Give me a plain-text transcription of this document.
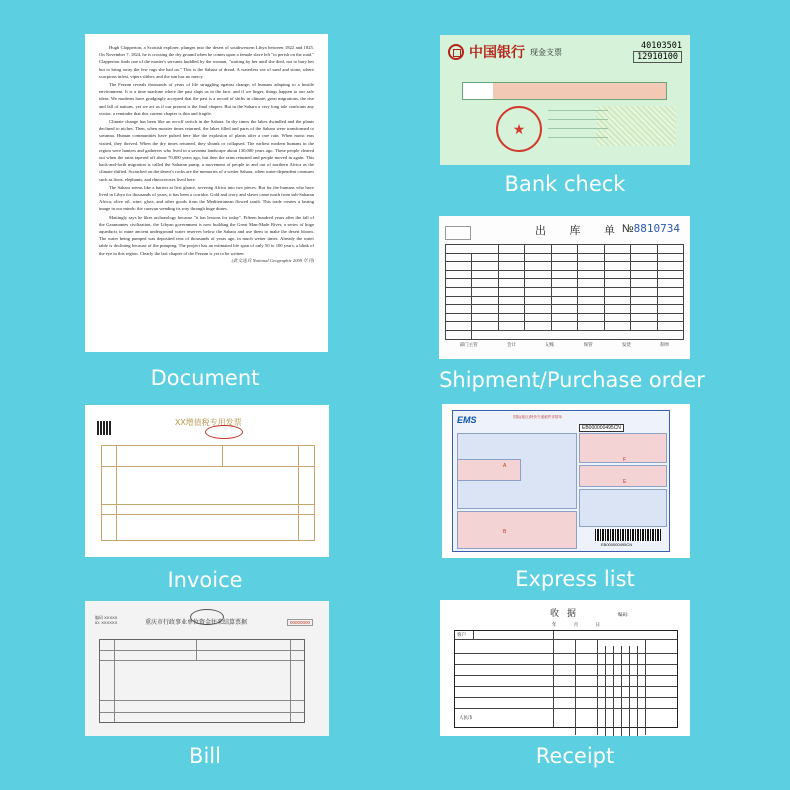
Hugh Clapperton, a Scottish explorer, plunges into the desert of southwestern Libya between 1822 and 1825. On November 7, 1824, he is crossing the dry ground when he comes upon a female slave left "to perish on the road." Clapperton finds one of the master's servants huddled by the woman, "waiting by her until she died, not to bury her but to bring away the few rags she had on." This is the Sahara of dread. A waterless sea of sand and stone, where scorpions infest, vipers slither, and the sun has no mercy.

The Fezzan reveals thousands of years of life struggling against change, of humans adapting to a hostile environment. It is a time machine where the past slaps us in the face, and if we linger, things happen to our safe ideas. We moderns have grudgingly accepted that the past is a record of shifts in climate, great migrations, the rise and fall of nations, yet we act as if our present is the final chapter. But in the Sahara a very long tale confronts any visitor, a reminder that this current chapter is thin and fragile.

Climate change has been like an on-off switch in the Sahara. In dry times the lakes dwindled and the plants declined to niches. Then, when moister times returned, the lakes filled and parts of the Sahara were transformed to savanna. Human communities have pulsed here like the explosion of plants after a rare rain. When moist eras visited, they thrived. When the dry times returned, they shrank or collapsed. The earliest modern humans in the region were hunters and gatherers who lived in a savanna landscape about 130,000 years ago. These people cleared out when the rains tapered off about 70,000 years ago, but then the rains returned and people moved in again. This back-and-forth migration is called the Saharan pump, a movement of people in and out of northern Africa as the climate shifted. Scratched on the desert's rocks are the memories of a wetter Sahara, when water-dependent creatures such as lions, elephants, and rhinoceroses lived here.

The Sahara seems like a barrier at first glance, severing Africa into two pieces. But for the humans who have lived in Libya for thousands of years, it has been a corridor. Gold and ivory and slaves came north from sub-Saharan Africa; olive oil, wine, glass, and other goods from the Mediterranean flowed south. This trade creates a lasting image in our minds: the caravan wending its way through huge dunes.

Mattingly says he likes archaeology because "it has lessons for today". Fifteen hundred years after the fall of the Garamantes civilization, the Libyan government is now building the Great Man-Made River, a series of huge aqueducts to mine ancient underground water reserves below the Sahara and use them to make the desert bloom. The water being pumped was deposited tens of thousands of years ago, in much wetter times. Already the water table is declining because of the pumping. The project has an estimated life span of only 50 to 100 years, a blink of the eye in this region. Clearly the last chapter of the Fezzan is yet to be written.

(此文选自 National Geographic 2009 年刊)

Document
中国银行 现金支票
40103501
12910100
★
Bank check
出 库 单
№8810734

部门主管	会计	记账	保管	发货	制单
Shipment/Purchase order
XX增值税专用发票
Invoice
EMS	国际(地区)特快专递邮件详情单
EB000000495CN
A
F
B
E
EB000000495CN
Express list
编码 XXXXX
ID: XXXXXX	重庆市行政事业单位资金往来结算票据	00000000
Bill
收据	编码:
年 月 日
客户
人民币
Receipt
